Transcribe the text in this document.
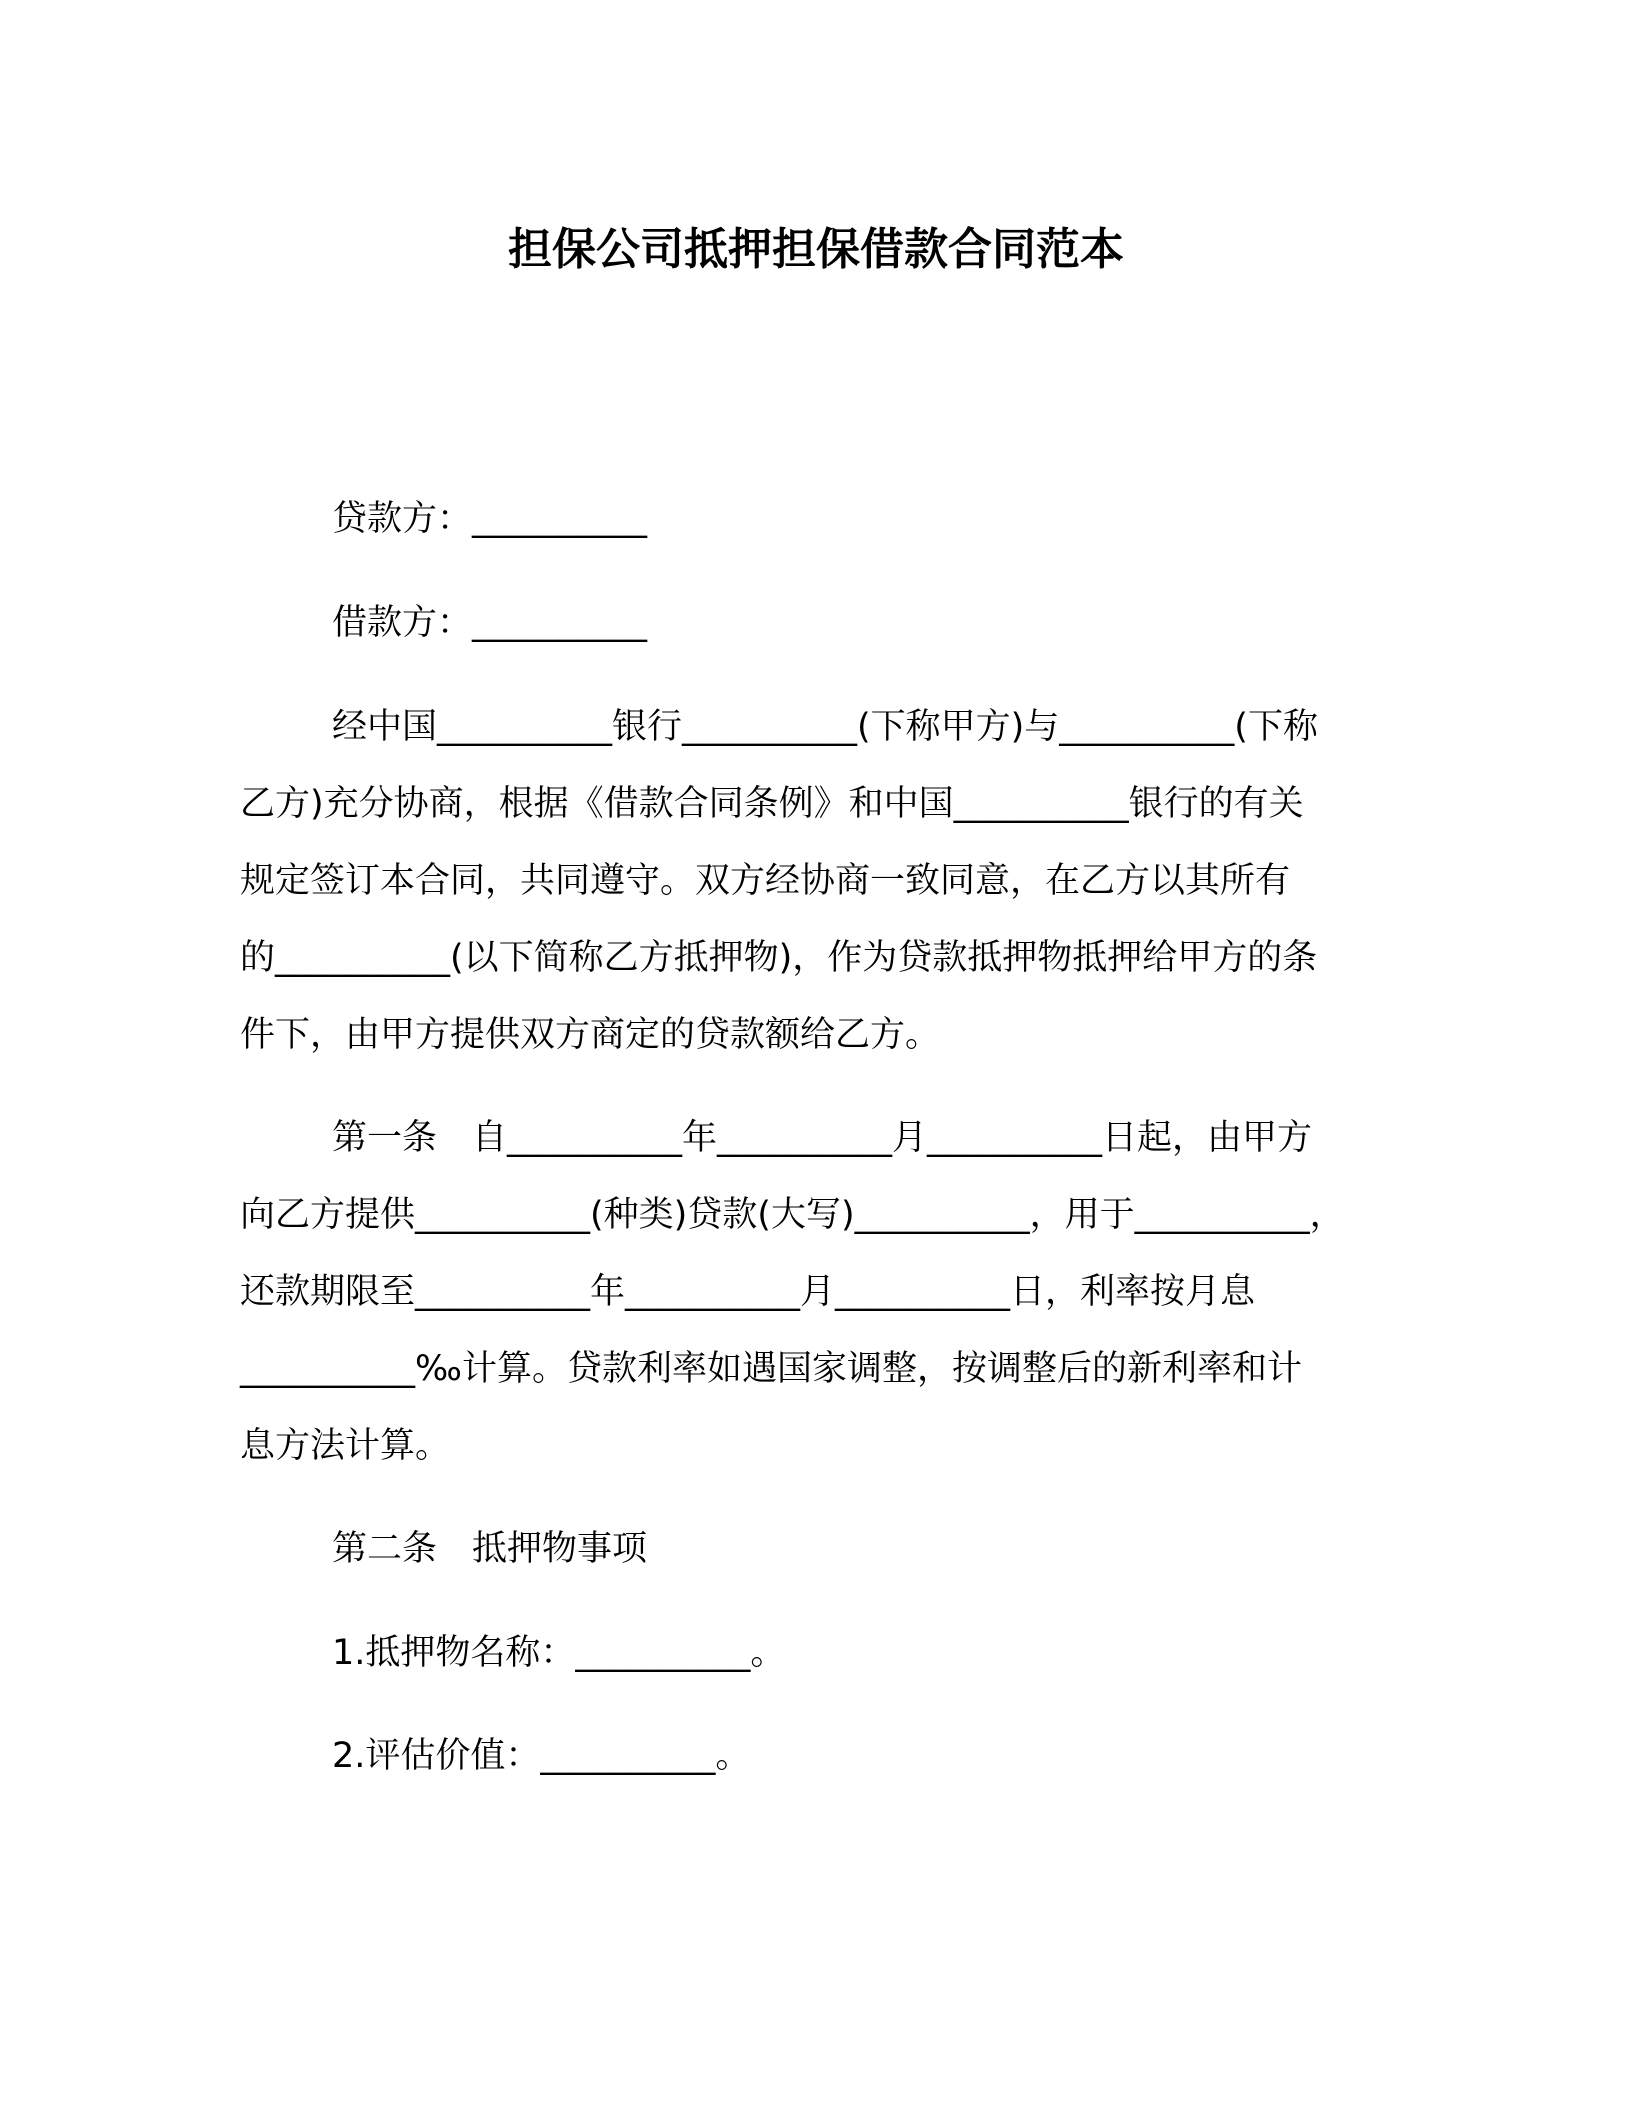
担保公司抵押担保借款合同范本
贷款方：__________
借款方：__________
经中国__________银行__________(下称甲方)与__________(下称
乙方)充分协商，根据《借款合同条例》和中国__________银行的有关
规定签订本合同，共同遵守。双方经协商一致同意，在乙方以其所有
的__________(以下简称乙方抵押物)，作为贷款抵押物抵押给甲方的条
件下，由甲方提供双方商定的贷款额给乙方。
第一条　自__________年__________月__________日起，由甲方
向乙方提供__________(种类)贷款(大写)__________，用于__________，
还款期限至__________年__________月__________日，利率按月息
__________‰计算。贷款利率如遇国家调整，按调整后的新利率和计
息方法计算。
第二条　抵押物事项
1.抵押物名称：__________。
2.评估价值：__________。
